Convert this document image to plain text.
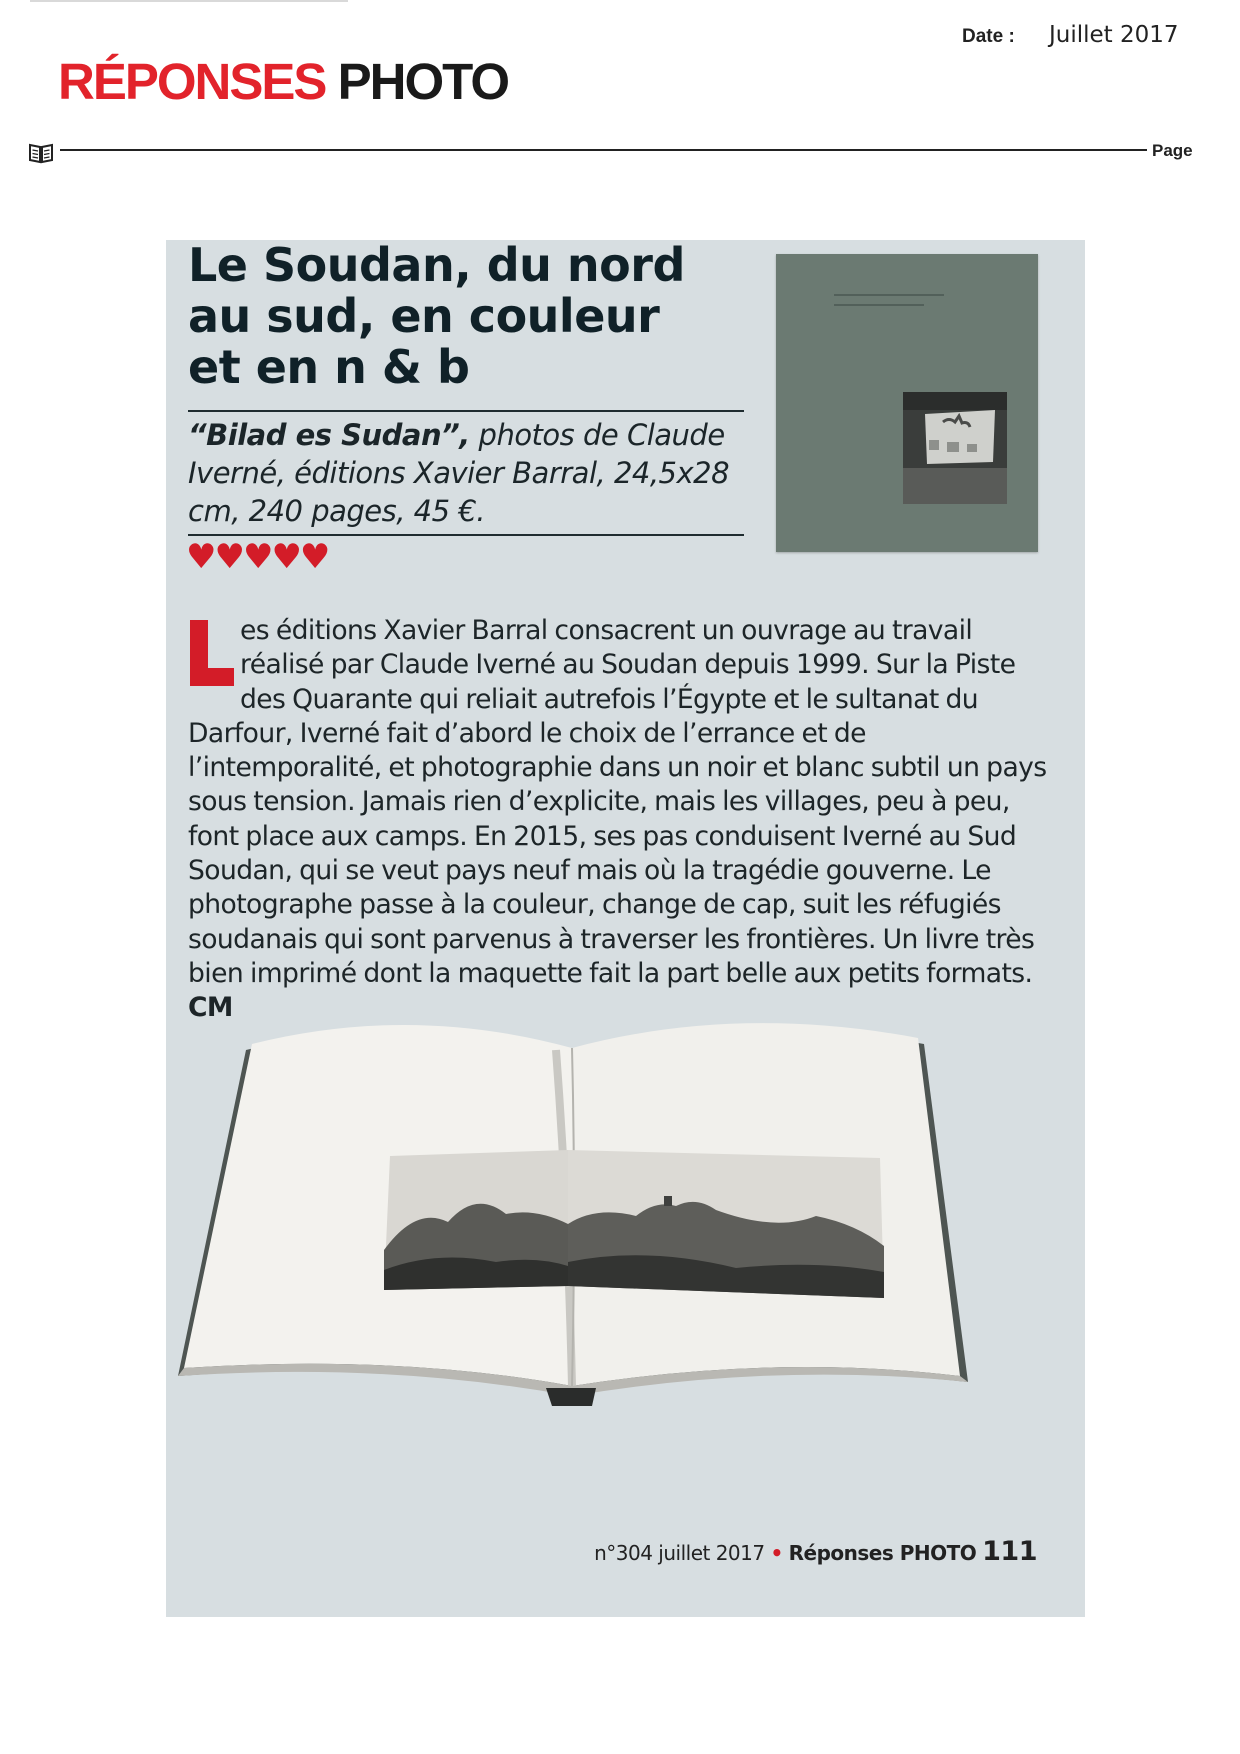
Date : Juillet 2017
RÉPONSES PHOTO
Page
Le Soudan, du nord au sud, en couleur et en n & b

“Bilad es Sudan”, photos de Claude Iverné, éditions Xavier Barral, 24,5x28 cm, 240 pages, 45 €.

♥♥♥♥♥
es éditions Xavier Barral consacrent un ouvrage au travail réalisé par Claude Iverné au Soudan depuis 1999. Sur la Piste des Quarante qui reliait autrefois l’Égypte et le sultanat du Darfour, Iverné fait d’abord le choix de l’errance et de l’intemporalité, et photographie dans un noir et blanc subtil un pays sous tension. Jamais rien d’explicite, mais les villages, peu à peu, font place aux camps. En 2015, ses pas conduisent Iverné au Sud Soudan, qui se veut pays neuf mais où la tragédie gouverne. Le photographe passe à la couleur, change de cap, suit les réfugiés soudanais qui sont parvenus à traverser les frontières. Un livre très bien imprimé dont la maquette fait la part belle aux petits formats. CM
n°304 juillet 2017 • Réponses PHOTO 111
